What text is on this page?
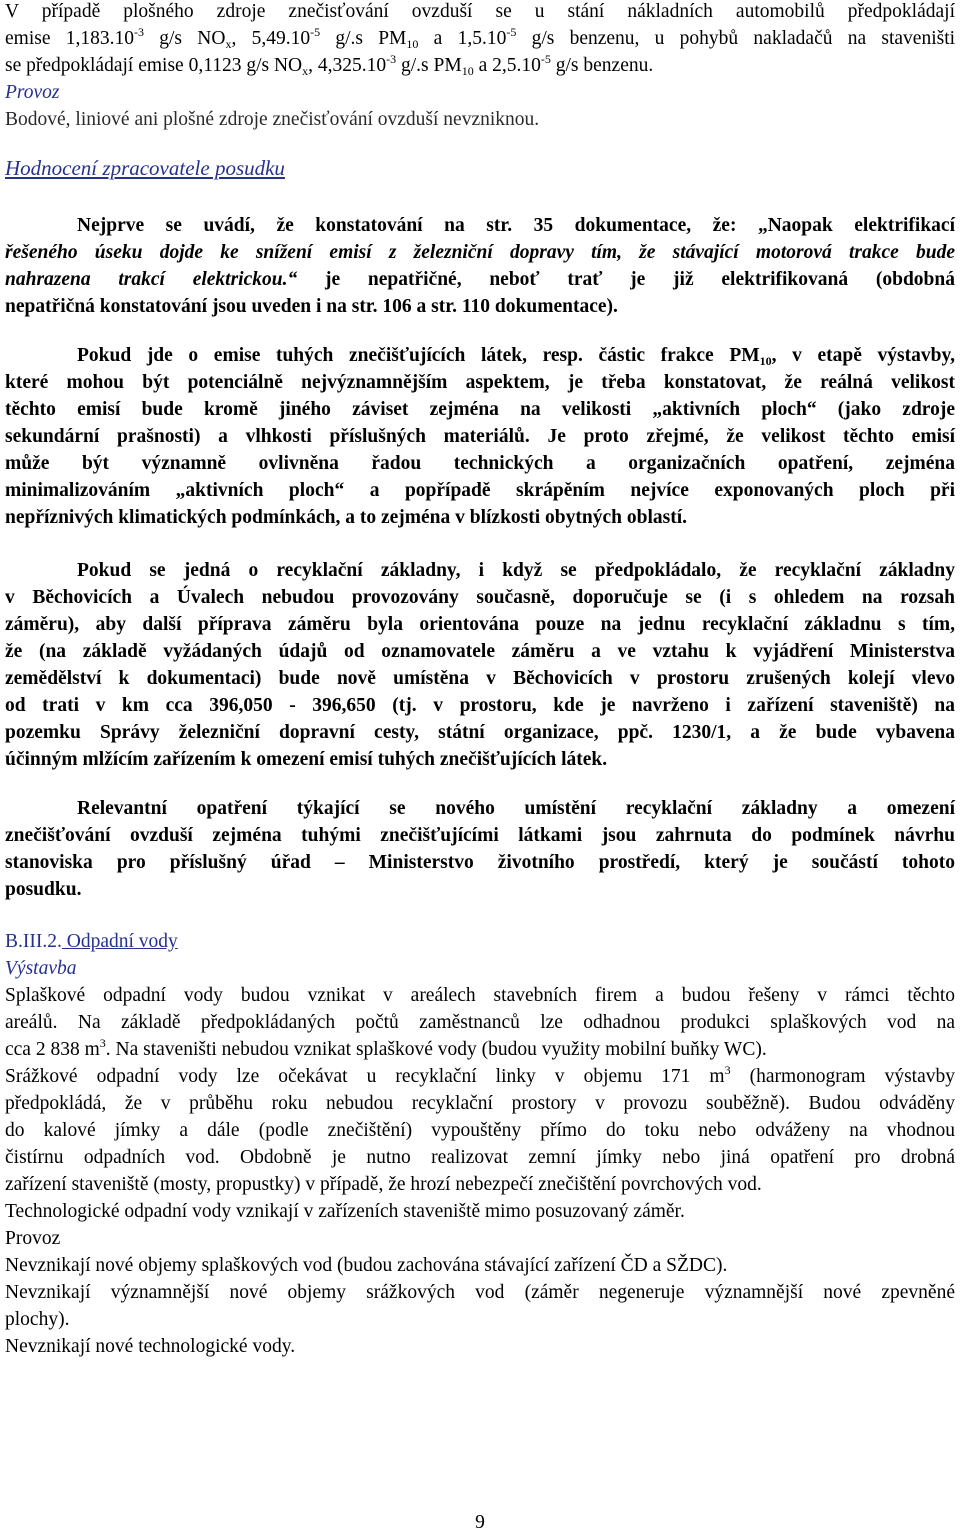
V případě plošného zdroje znečisťování ovzduší se u stání nákladních automobilů předpokládají
emise $1,183.10^{-3}$ g/s $NO_x$, $5,49.10^{-5}$ g/.s $PM_{10}$ a $1,5.10^{-5}$ g/s benzenu, u pohybů nakladačů na staveništi
se předpokládají emise 0,1123 g/s $NO_x$, $4,325.10^{-3}$ g/.s $PM_{10}$ a $2,5.10^{-5}$ g/s benzenu.
Provoz
Bodové, liniové ani plošné zdroje znečisťování ovzduší nevzniknou.
Hodnocení zpracovatele posudku
Nejprve se uvádí, že konstatování na str. 35 dokumentace, že: „Naopak elektrifikací
řešeného úseku dojde ke snížení emisí z železniční dopravy tím, že stávající motorová trakce bude
nahrazena trakcí elektrickou.“ je nepatřičné, neboť trať je již elektrifikovaná (obdobná
nepatřičná konstatování jsou uveden i na str. 106 a str. 110 dokumentace).
Pokud jde o emise tuhých znečišťujících látek, resp. částic frakce $PM_{10}$, v etapě výstavby,
které mohou být potenciálně nejvýznamnějším aspektem, je třeba konstatovat, že reálná velikost
těchto emisí bude kromě jiného záviset zejména na velikosti „aktivních ploch“ (jako zdroje
sekundární prašnosti) a vlhkosti příslušných materiálů. Je proto zřejmé, že velikost těchto emisí
může být významně ovlivněna řadou technických a organizačních opatření, zejména
minimalizováním „aktivních ploch“ a popřípadě skrápěním nejvíce exponovaných ploch při
nepříznivých klimatických podmínkách, a to zejména v blízkosti obytných oblastí.
Pokud se jedná o recyklační základny, i když se předpokládalo, že recyklační základny
v Běchovicích a Úvalech nebudou provozovány současně, doporučuje se (i s ohledem na rozsah
záměru), aby další příprava záměru byla orientována pouze na jednu recyklační základnu s tím,
že (na základě vyžádaných údajů od oznamovatele záměru a ve vztahu k vyjádření Ministerstva
zemědělství k dokumentaci) bude nově umístěna v Běchovicích v prostoru zrušených kolejí vlevo
od trati v km cca 396,050 - 396,650 (tj. v prostoru, kde je navrženo i zařízení staveniště) na
pozemku Správy železniční dopravní cesty, státní organizace, ppč. 1230/1, a že bude vybavena
účinným mlžícím zařízením k omezení emisí tuhých znečišťujících látek.
Relevantní opatření týkající se nového umístění recyklační základny a omezení
znečišťování ovzduší zejména tuhými znečišťujícími látkami jsou zahrnuta do podmínek návrhu
stanoviska pro příslušný úřad – Ministerstvo životního prostředí, který je součástí tohoto
posudku.
B.III.2. Odpadní vody
Výstavba
Splaškové odpadní vody budou vznikat v areálech stavebních firem a budou řešeny v rámci těchto
areálů. Na základě předpokládaných počtů zaměstnanců lze odhadnou produkci splaškových vod na
cca 2 838 $m^3$. Na staveništi nebudou vznikat splaškové vody (budou využity mobilní buňky WC).
Srážkové odpadní vody lze očekávat u recyklační linky v objemu 171 $m^3$ (harmonogram výstavby
předpokládá, že v průběhu roku nebudou recyklační prostory v provozu souběžně). Budou odváděny
do kalové jímky a dále (podle znečištění) vypouštěny přímo do toku nebo odváženy na vhodnou
čistírnu odpadních vod. Obdobně je nutno realizovat zemní jímky nebo jiná opatření pro drobná
zařízení staveniště (mosty, propustky) v případě, že hrozí nebezpečí znečištění povrchových vod.
Technologické odpadní vody vznikají v zařízeních staveniště mimo posuzovaný záměr.
Provoz
Nevznikají nové objemy splaškových vod (budou zachována stávající zařízení ČD a SŽDC).
Nevznikají významnější nové objemy srážkových vod (záměr negeneruje významnější nové zpevněné
plochy).
Nevznikají nové technologické vody.
9
